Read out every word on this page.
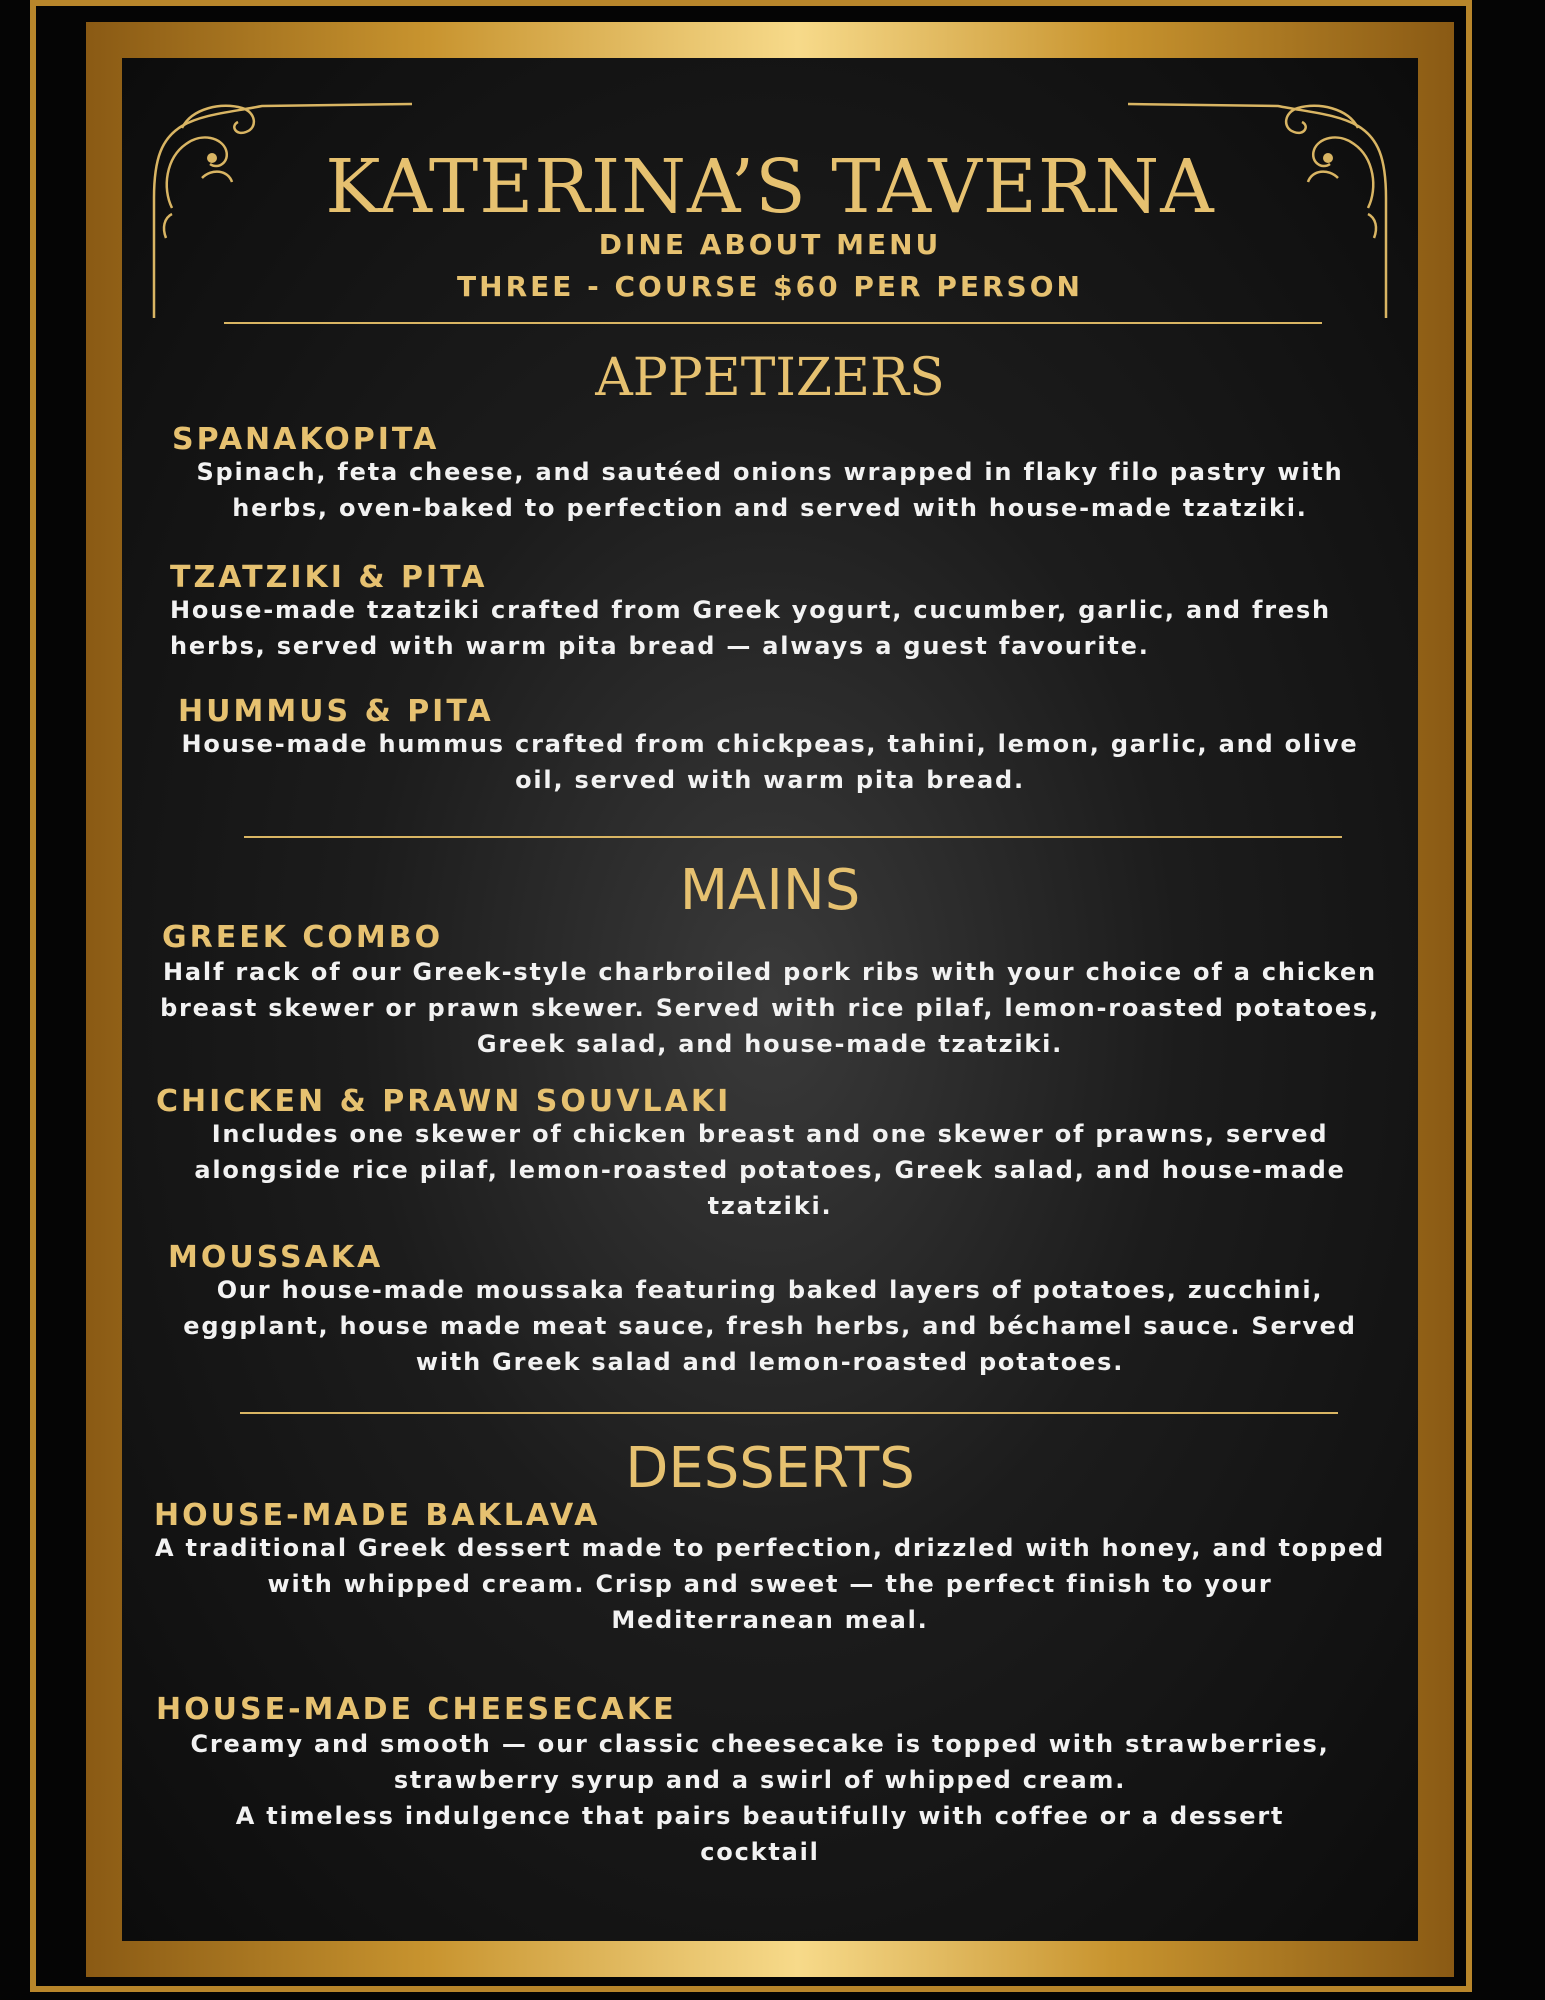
KATERINA’S TAVERNA
DINE ABOUT MENU
THREE - COURSE $60 PER PERSON
APPETIZERS
SPANAKOPITA
Spinach, feta cheese, and sautéed onions wrapped in flaky filo pastry with
herbs, oven-baked to perfection and served with house-made tzatziki.
TZATZIKI & PITA
House-made tzatziki crafted from Greek yogurt, cucumber, garlic, and fresh
herbs, served with warm pita bread — always a guest favourite.
HUMMUS & PITA
House-made hummus crafted from chickpeas, tahini, lemon, garlic, and olive
oil, served with warm pita bread.
MAINS
GREEK COMBO
Half rack of our Greek-style charbroiled pork ribs with your choice of a chicken
breast skewer or prawn skewer. Served with rice pilaf, lemon-roasted potatoes,
Greek salad, and house-made tzatziki.
CHICKEN & PRAWN SOUVLAKI
Includes one skewer of chicken breast and one skewer of prawns, served
alongside rice pilaf, lemon-roasted potatoes, Greek salad, and house-made
tzatziki.
MOUSSAKA
Our house-made moussaka featuring baked layers of potatoes, zucchini,
eggplant, house made meat sauce, fresh herbs, and béchamel sauce. Served
with Greek salad and lemon-roasted potatoes.
DESSERTS
HOUSE-MADE BAKLAVA
A traditional Greek dessert made to perfection, drizzled with honey, and topped
with whipped cream. Crisp and sweet — the perfect finish to your
Mediterranean meal.
HOUSE-MADE CHEESECAKE
Creamy and smooth — our classic cheesecake is topped with strawberries,
strawberry syrup and a swirl of whipped cream.
A timeless indulgence that pairs beautifully with coffee or a dessert
cocktail
